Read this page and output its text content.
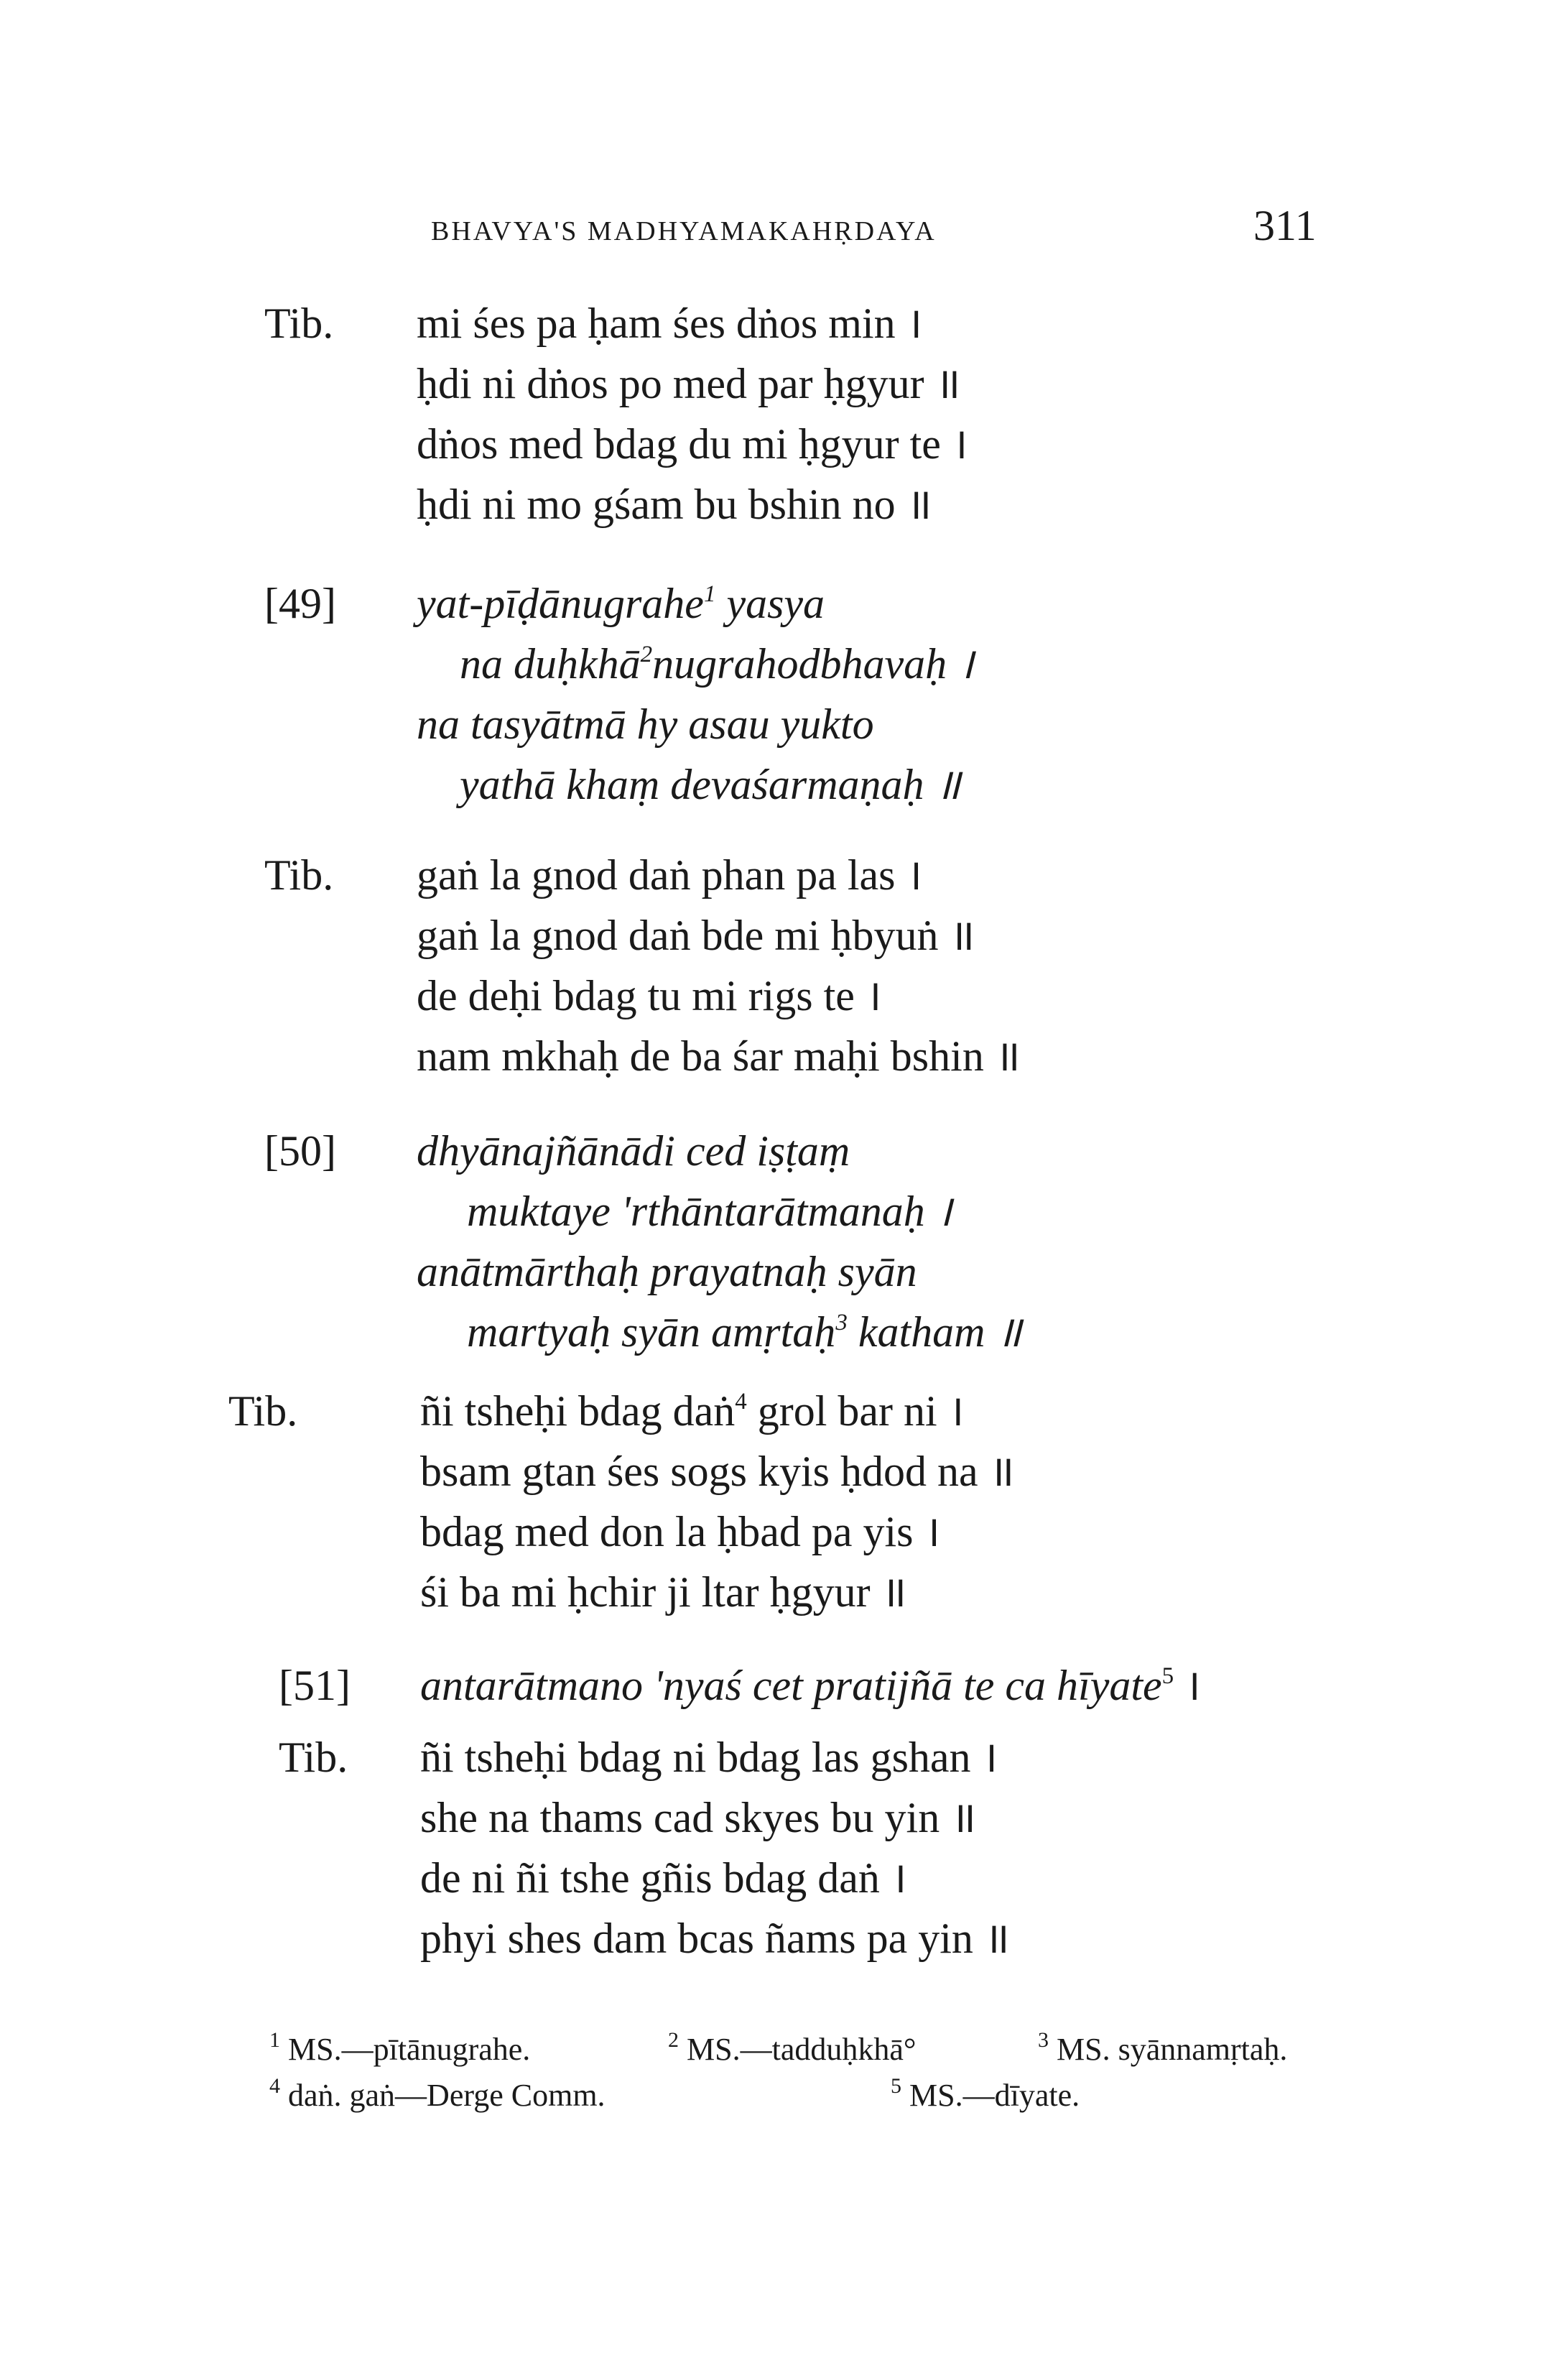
BHAVYA'S MADHYAMAKAHṚDAYA	311
Tib. mi śes pa ḥam śes dṅos min ।
ḥdi ni dṅos po med par ḥgyur ॥
dṅos med bdag du mi ḥgyur te ।
ḥdi ni mo gśam bu bshin no ॥
[49] yat-pīḍānugrahe$^1$ yasya
na duḥkhā$^2$nugrahodbhavaḥ ।
na tasyātmā hy asau yukto
yathā khaṃ devaśarmaṇaḥ ॥
Tib. gaṅ la gnod daṅ phan pa las ।
gaṅ la gnod daṅ bde mi ḥbyuṅ ॥
de deḥi bdag tu mi rigs te ।
nam mkhaḥ de ba śar maḥi bshin ॥
[50] dhyānajñānādi ced iṣṭaṃ
muktaye 'rthāntarātmanaḥ ।
anātmārthaḥ prayatnaḥ syān
martyaḥ syān amṛtaḥ$^3$ katham ॥
Tib.	ñi tsheḥi bdag daṅ$^4$ grol bar ni ।
bsam gtan śes sogs kyis ḥdod na ॥
bdag med don la ḥbad pa yis ।
śi ba mi ḥchir ji ltar ḥgyur ॥
[51] antarātmano 'nyaś cet pratijñā te ca hīyate$^5$ ।
Tib. ñi tsheḥi bdag ni bdag las gshan ।
she na thams cad skyes bu yin ॥
de ni ñi tshe gñis bdag daṅ ।
phyi shes dam bcas ñams pa yin ॥
$^1$ MS.—pītānugrahe.	$^2$ MS.—tadduḥkhā°	$^3$ MS. syānnamṛtaḥ.
$^4$ daṅ. gaṅ—Derge Comm.	$^5$ MS.—dīyate.
